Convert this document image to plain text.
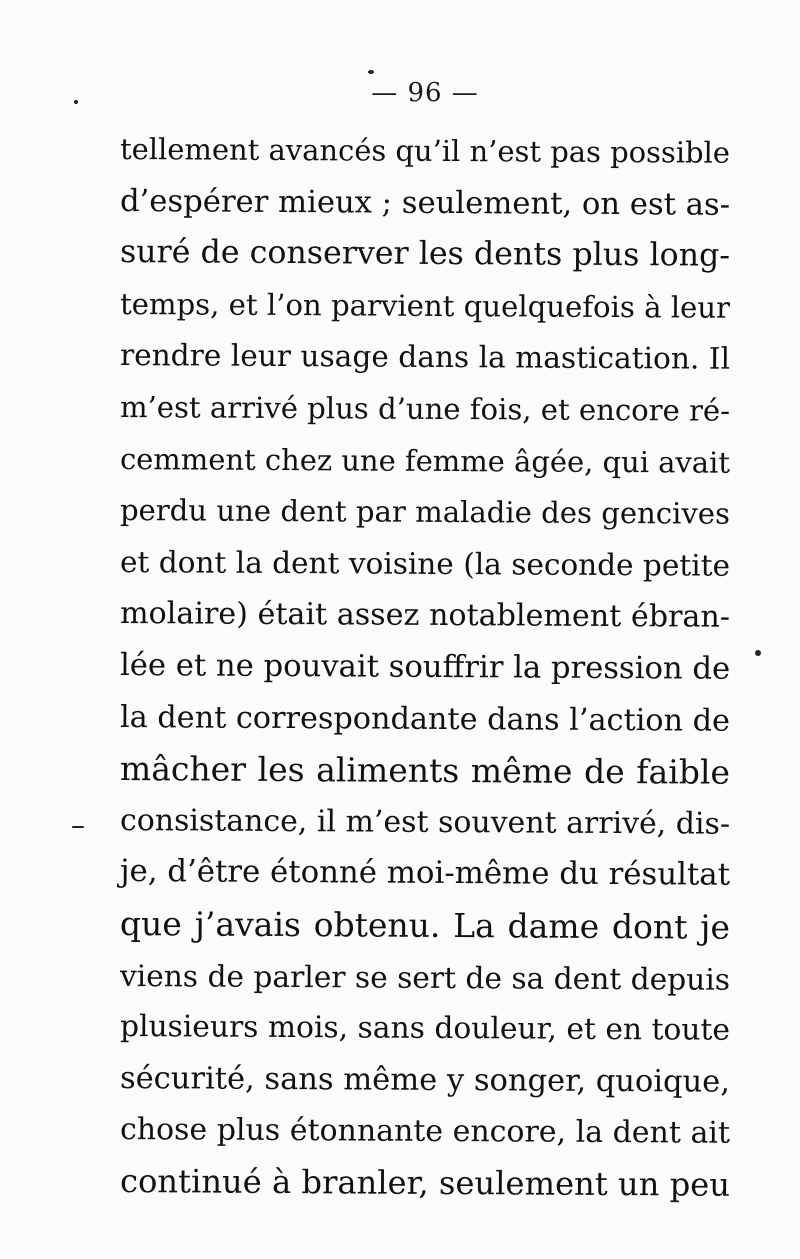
— 96 —
tellement avancés qu’il n’est pas possible
d’espérer mieux ; seulement, on est as-
suré de conserver les dents plus long-
temps, et l’on parvient quelquefois à leur
rendre leur usage dans la mastication. Il
m’est arrivé plus d’une fois, et encore ré-
cemment chez une femme âgée, qui avait
perdu une dent par maladie des gencives
et dont la dent voisine (la seconde petite
molaire) était assez notablement ébran-
lée et ne pouvait souffrir la pression de
la dent correspondante dans l’action de
mâcher les aliments même de faible
consistance, il m’est souvent arrivé, dis-
je, d’être étonné moi-même du résultat
que j’avais obtenu. La dame dont je
viens de parler se sert de sa dent depuis
plusieurs mois, sans douleur, et en toute
sécurité, sans même y songer, quoique,
chose plus étonnante encore, la dent ait
continué à branler, seulement un peu
